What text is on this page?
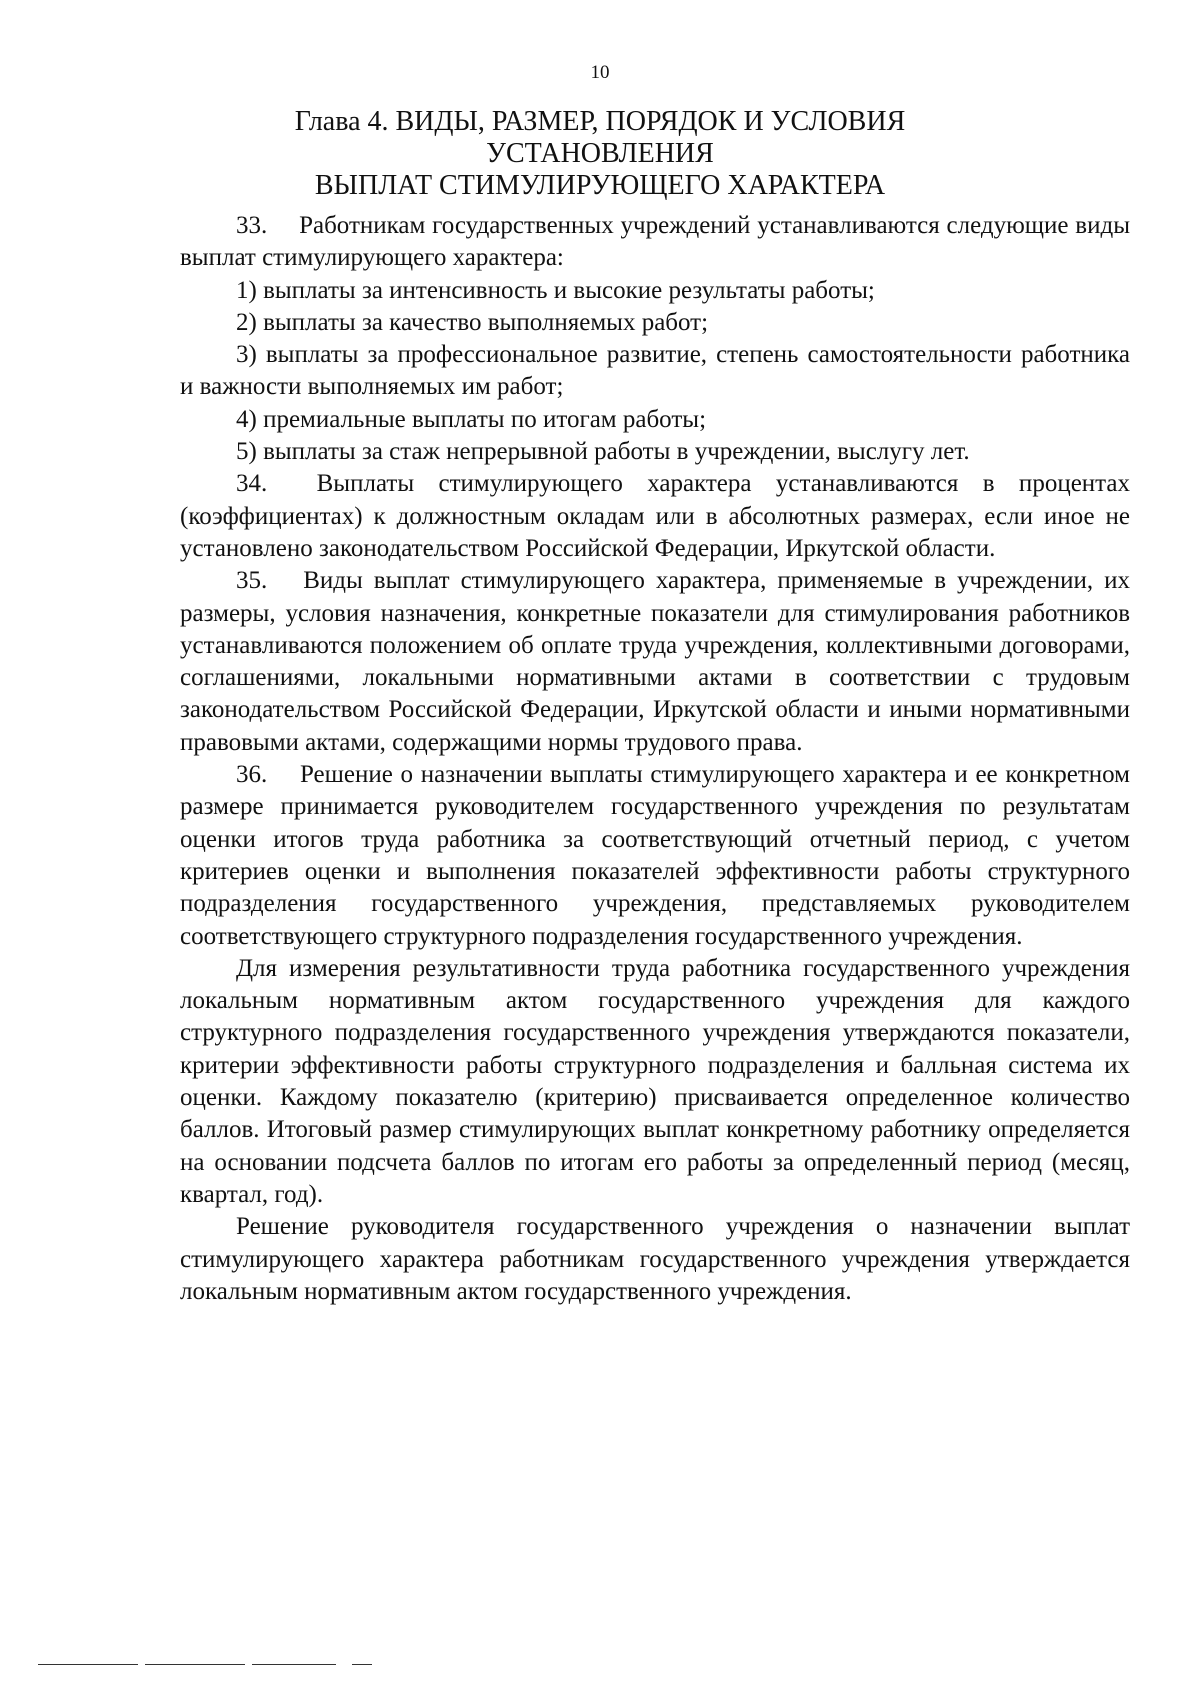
10
Глава 4. ВИДЫ, РАЗМЕР, ПОРЯДОК И УСЛОВИЯ УСТАНОВЛЕНИЯ
ВЫПЛАТ СТИМУЛИРУЮЩЕГО ХАРАКТЕРА

33.  Работникам государственных учреждений устанавливаются следующие виды выплат стимулирующего характера:

1) выплаты за интенсивность и высокие результаты работы;

2) выплаты за качество выполняемых работ;

3) выплаты за профессиональное развитие, степень самостоятельности работника и важности выполняемых им работ;

4) премиальные выплаты по итогам работы;

5) выплаты за стаж непрерывной работы в учреждении, выслугу лет.

34.  Выплаты стимулирующего характера устанавливаются в процентах (коэффициентах) к должностным окладам или в абсолютных размерах, если иное не установлено законодательством Российской Федерации, Иркутской области.

35.  Виды выплат стимулирующего характера, применяемые в учреждении, их размеры, условия назначения, конкретные показатели для стимулирования работников устанавливаются положением об оплате труда учреждения, коллективными договорами, соглашениями, локальными нормативными актами в соответствии с трудовым законодательством Российской Федерации, Иркутской области и иными нормативными правовыми актами, содержащими нормы трудового права.

36.  Решение о назначении выплаты стимулирующего характера и ее конкретном размере принимается руководителем государственного учреждения по результатам оценки итогов труда работника за соответствующий отчетный период, с учетом критериев оценки и выполнения показателей эффективности работы структурного подразделения государственного учреждения, представляемых руководителем соответствующего структурного подразделения государственного учреждения.

Для измерения результативности труда работника государственного учреждения локальным нормативным актом государственного учреждения для каждого структурного подразделения государственного учреждения утверждаются показатели, критерии эффективности работы структурного подразделения и балльная система их оценки. Каждому показателю (критерию) присваивается определенное количество баллов. Итоговый размер стимулирующих выплат конкретному работнику определяется на основании подсчета баллов по итогам его работы за определенный период (месяц, квартал, год).

Решение руководителя государственного учреждения о назначении выплат стимулирующего характера работникам государственного учреждения утверждается локальным нормативным актом государственного учреждения.
